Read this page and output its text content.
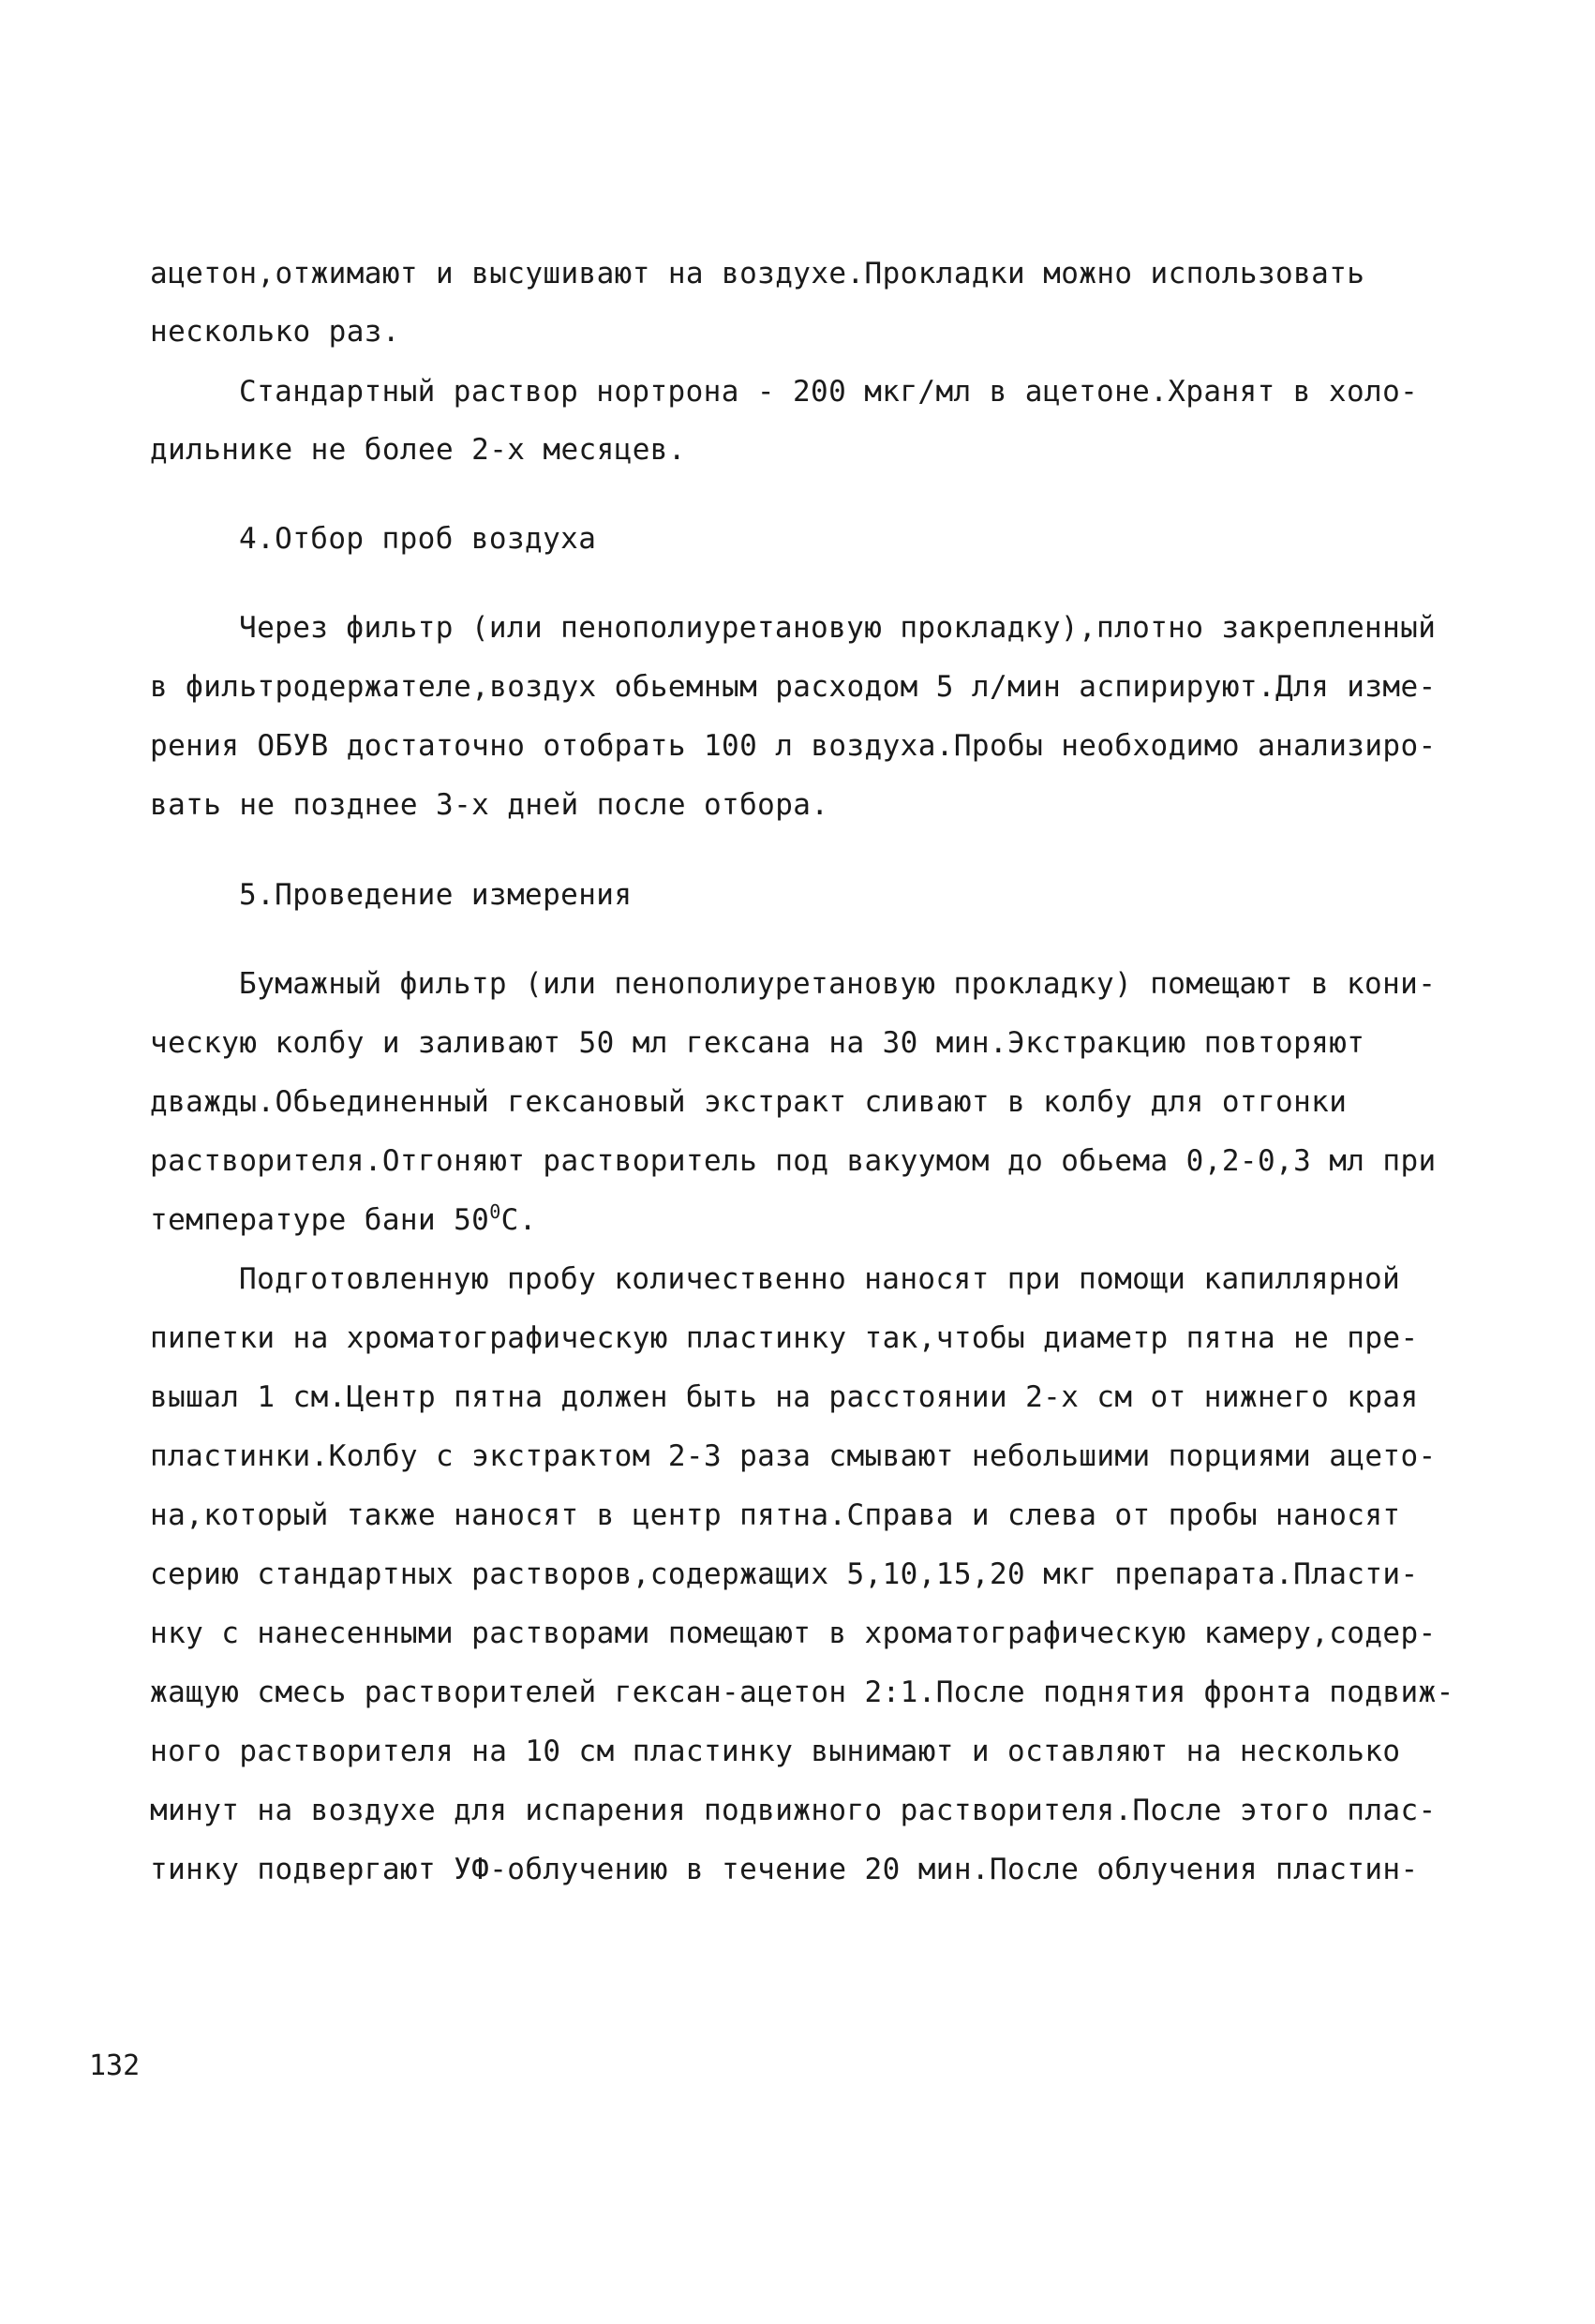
ацетон,отжимают и высушивают на воздухе.Прокладки можно использовать
несколько раз.
Стандартный раствор нортрона - 200 мкг/мл в ацетоне.Хранят в холо-
дильнике не более 2-х месяцев.
4.Отбор проб воздуха
Через фильтр (или пенополиуретановую прокладку),плотно закрепленный
в фильтродержателе,воздух обьемным расходом 5 л/мин аспирируют.Для изме-
рения ОБУВ достаточно отобрать 100 л воздуха.Пробы необходимо анализиро-
вать не позднее 3-х дней после отбора.
5.Проведение измерения
Бумажный фильтр (или пенополиуретановую прокладку) помещают в кони-
ческую колбу и заливают 50 мл гексана на 30 мин.Экстракцию повторяют
дважды.Обьединенный гексановый экстракт сливают в колбу для отгонки
растворителя.Отгоняют растворитель под вакуумом до обьема 0,2-0,3 мл при
температуре бани $50^0С$.
Подготовленную пробу количественно наносят при помощи капиллярной
пипетки на хроматографическую пластинку так,чтобы диаметр пятна не пре-
вышал 1 см.Центр пятна должен быть на расстоянии 2-х см от нижнего края
пластинки.Колбу с экстрактом 2-3 раза смывают небольшими порциями ацето-
на,который также наносят в центр пятна.Справа и слева от пробы наносят
серию стандартных растворов,содержащих 5,10,15,20 мкг препарата.Пласти-
нку с нанесенными растворами помещают в хроматографическую камеру,содер-
жащую смесь растворителей гексан-ацетон 2:1.После поднятия фронта подвиж-
ного растворителя на 10 см пластинку вынимают и оставляют на несколько
минут на воздухе для испарения подвижного растворителя.После этого плас-
тинку подвергают УФ-облучению в течение 20 мин.После облучения пластин-
132
